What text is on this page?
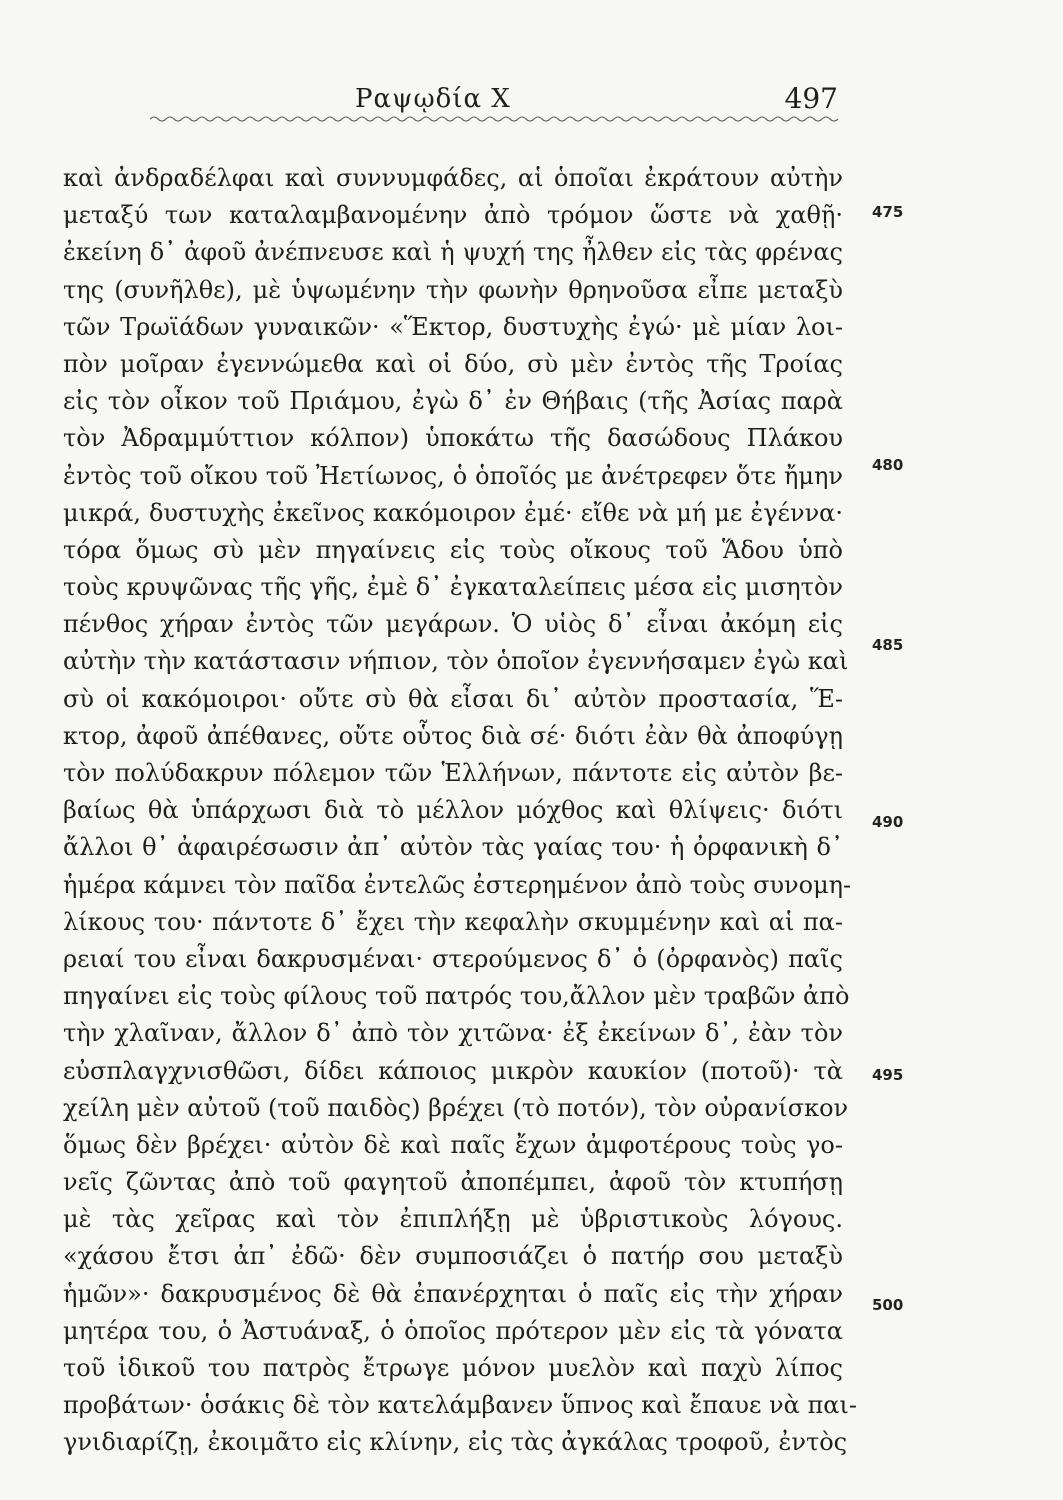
Ραψῳδία Χ	497
καὶ ἀνδραδέλφαι καὶ συννυμφάδες, αἱ ὁποῖαι ἐκράτουν αὐτὴν
μεταξύ των καταλαμβανομένην ἀπὸ τρόμον ὥστε νὰ χαθῇ·
ἐκείνη δ᾿ ἀφοῦ ἀνέπνευσε καὶ ἡ ψυχή της ἦλθεν εἰς τὰς φρένας
της (συνῆλθε), μὲ ὑψωμένην τὴν φωνὴν θρηνοῦσα εἶπε μεταξὺ
τῶν Τρωϊάδων γυναικῶν· «Ἕκτορ, δυστυχὴς ἐγώ· μὲ μίαν λοι-
πὸν μοῖραν ἐγεννώμεθα καὶ οἱ δύο, σὺ μὲν ἐντὸς τῆς Τροίας
εἰς τὸν οἶκον τοῦ Πριάμου, ἐγὼ δ᾿ ἐν Θήβαις (τῆς Ἀσίας παρὰ
τὸν Ἀδραμμύττιον κόλπον) ὑποκάτω τῆς δασώδους Πλάκου
ἐντὸς τοῦ οἴκου τοῦ Ἠετίωνος, ὁ ὁποῖός με ἀνέτρεφεν ὅτε ἤμην
μικρά, δυστυχὴς ἐκεῖνος κακόμοιρον ἐμέ· εἴθε νὰ μή με ἐγέννα·
τόρα ὅμως σὺ μὲν πηγαίνεις εἰς τοὺς οἴκους τοῦ Ἅδου ὑπὸ
τοὺς κρυψῶνας τῆς γῆς, ἐμὲ δ᾿ ἐγκαταλείπεις μέσα εἰς μισητὸν
πένθος χήραν ἐντὸς τῶν μεγάρων. Ὁ υἱὸς δ᾿ εἶναι ἀκόμη εἰς
αὐτὴν τὴν κατάστασιν νήπιον, τὸν ὁποῖον ἐγεννήσαμεν ἐγὼ καὶ
σὺ οἱ κακόμοιροι· οὔτε σὺ θὰ εἶσαι δι᾿ αὐτὸν προστασία, Ἕ-
κτορ, ἀφοῦ ἀπέθανες, οὔτε οὗτος διὰ σέ· διότι ἐὰν θὰ ἀποφύγῃ
τὸν πολύδακρυν πόλεμον τῶν Ἑλλήνων, πάντοτε εἰς αὐτὸν βε-
βαίως θὰ ὑπάρχωσι διὰ τὸ μέλλον μόχθος καὶ θλίψεις· διότι
ἄλλοι θ᾿ ἀφαιρέσωσιν ἀπ᾿ αὐτὸν τὰς γαίας του· ἡ ὀρφανικὴ δ᾿
ἡμέρα κάμνει τὸν παῖδα ἐντελῶς ἐστερημένον ἀπὸ τοὺς συνομη-
λίκους του· πάντοτε δ᾿ ἔχει τὴν κεφαλὴν σκυμμένην καὶ αἱ πα-
ρειαί του εἶναι δακρυσμέναι· στερούμενος δ᾿ ὁ (ὀρφανὸς) παῖς
πηγαίνει εἰς τοὺς φίλους τοῦ πατρός του,ἄλλον μὲν τραβῶν ἀπὸ
τὴν χλαῖναν, ἄλλον δ᾿ ἀπὸ τὸν χιτῶνα· ἐξ ἐκείνων δ᾿, ἐὰν τὸν
εὐσπλαγχνισθῶσι, δίδει κάποιος μικρὸν καυκίον (ποτοῦ)· τὰ
χείλη μὲν αὐτοῦ (τοῦ παιδὸς) βρέχει (τὸ ποτόν), τὸν οὐρανίσκον
ὅμως δὲν βρέχει· αὐτὸν δὲ καὶ παῖς ἔχων ἀμφοτέρους τοὺς γο-
νεῖς ζῶντας ἀπὸ τοῦ φαγητοῦ ἀποπέμπει, ἀφοῦ τὸν κτυπήσῃ
μὲ τὰς χεῖρας καὶ τὸν ἐπιπλήξῃ μὲ ὑβριστικοὺς λόγους.
«χάσου ἔτσι ἀπ᾿ ἐδῶ· δὲν συμποσιάζει ὁ πατήρ σου μεταξὺ
ἡμῶν»· δακρυσμένος δὲ θὰ ἐπανέρχηται ὁ παῖς εἰς τὴν χήραν
μητέρα του, ὁ Ἀστυάναξ, ὁ ὁποῖος πρότερον μὲν εἰς τὰ γόνατα
τοῦ ἰδικοῦ του πατρὸς ἔτρωγε μόνον μυελὸν καὶ παχὺ λίπος
προβάτων· ὁσάκις δὲ τὸν κατελάμβανεν ὕπνος καὶ ἔπαυε νὰ παι-
γνιδιαρίζῃ, ἐκοιμᾶτο εἰς κλίνην, εἰς τὰς ἀγκάλας τροφοῦ, ἐντὸς
475
480
485
490
495
500
